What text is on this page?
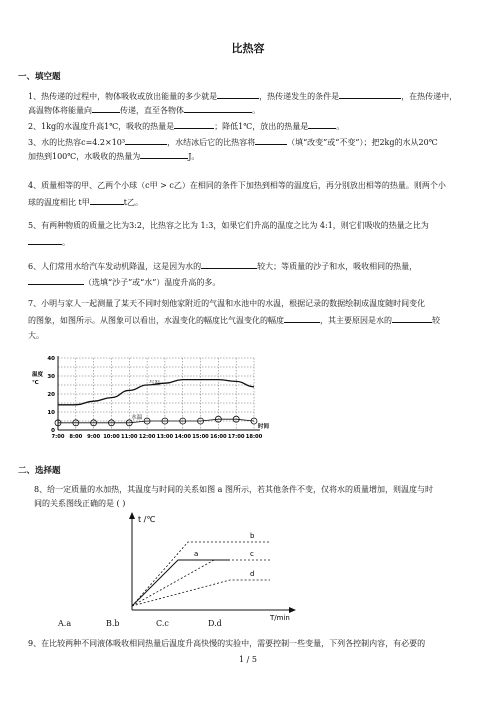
比热容
一、填空题
1、热传递的过程中，物体吸收或放出能量的多少就是	，热传递发生的条件是	，在热传递中，
高温物体将能量向	传递，直至各物体	。
2、1kg的水温度升高1℃，吸收的热量是	；降低1℃，放出的热量是	。
3、水的比热容c=4.2×10³	，水结冰后它的比热容将	（填“改变”或“不变”）；把2kg的水从20℃
加热到100℃，水吸收的热量为	J。
4、质量相等的甲、乙两个小球（c甲 > c乙）在相同的条件下加热到相等的温度后，再分别放出相等的热量。则两个小
球的温度相比 t甲	t乙。
5、有两种物质的质量之比为3:2，比热容之比为 1:3，如果它们升高的温度之比为 4:1，则它们吸收的热量之比为
。
6、人们常用水给汽车发动机降温，这是因为水的	较大；等质量的沙子和水，吸收相同的热量，
（选填“沙子”或“水”）温度升高的多。
7、小明与家人一起测量了某天不同时刻他家附近的气温和水池中的水温，根据记录的数据绘制成温度随时间变化
的图象，如图所示。从图象可以看出，水温变化的幅度比气温变化的幅度	，其主要原因是水的	较
大。
40
30
20
10
0
温度
℃
7:00 8:00 9:00 10:00 11:00 12:00 13:00 14:00 15:00 16:00 17:00 18:00
时间
气温
水温
二、选择题
8、给一定质量的水加热，其温度与时间的关系如图 a 图所示，若其他条件不变，仅将水的质量增加，则温度与时
间的关系图线正确的是 ( )
t /℃
T/min
a
b
c
d
A.a	B.b	C.c	D.d
9、在比较两种不同液体吸收相同热量后温度升高快慢的实验中，需要控制一些变量，下列各控制内容，有必要的
1 / 5
